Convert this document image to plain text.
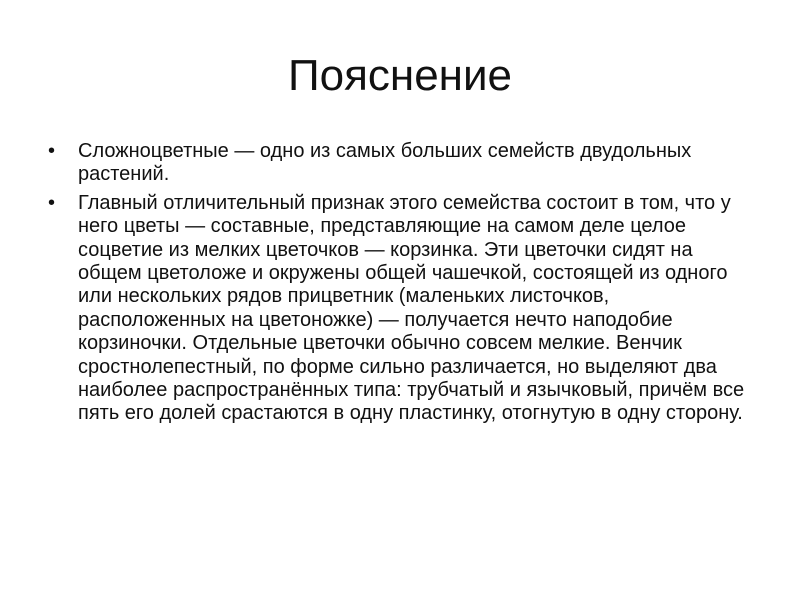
Пояснение
•	Сложноцветные — одно из самых больших семейств двудольных растений.
•	Главный отличительный признак этого семейства состоит в том, что у него цветы — составные, представляющие на самом деле целое соцветие из мелких цветочков — корзинка. Эти цветочки сидят на общем цветоложе и окружены общей чашечкой, состоящей из одного или нескольких рядов прицветник (маленьких листочков, расположенных на цветоножке) — получается нечто наподобие корзиночки. Отдельные цветочки обычно совсем мелкие. Венчик сростнолепестный, по форме сильно различается, но выделяют два наиболее распространённых типа: трубчатый и язычковый, причём все пять его долей срастаются в одну пластинку, отогнутую в одну сторону.
